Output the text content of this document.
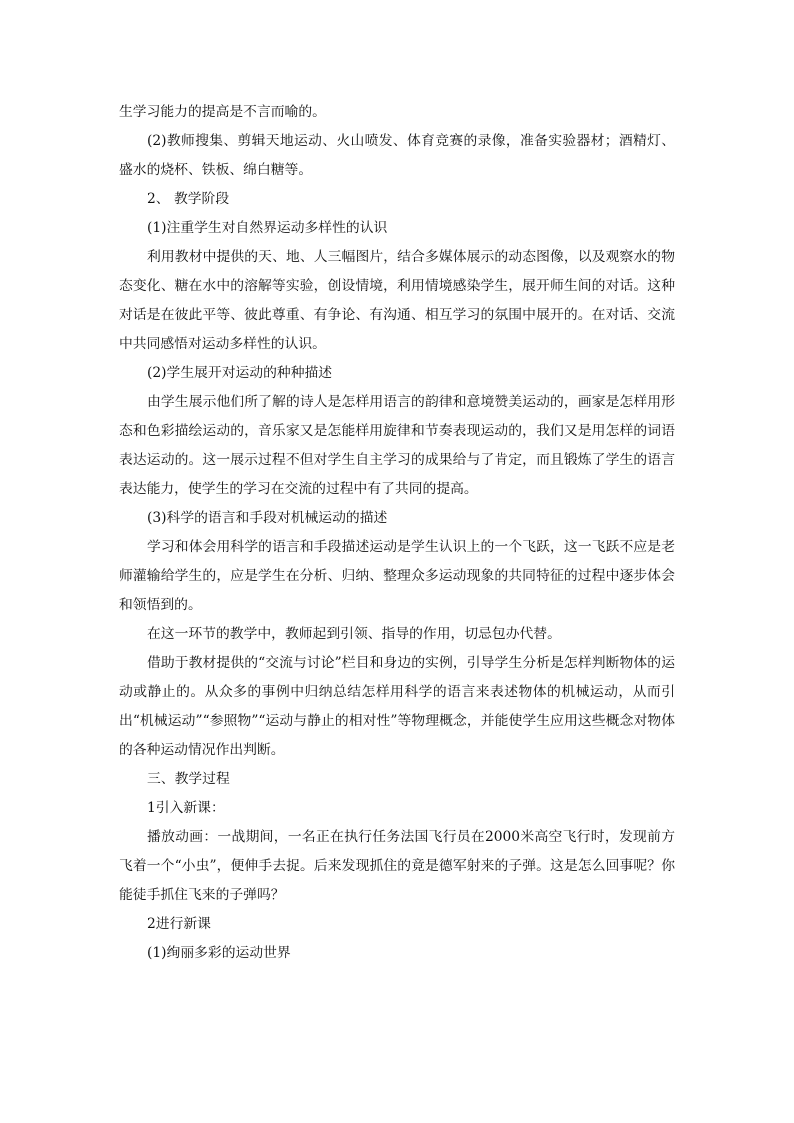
生学习能力的提高是不言而喻的。

(2)教师搜集、剪辑天地运动、火山喷发、体育竞赛的录像，准备实验器材；酒精灯、盛水的烧杯、铁板、绵白糖等。

2、 教学阶段

(1)注重学生对自然界运动多样性的认识

利用教材中提供的天、地、人三幅图片，结合多媒体展示的动态图像，以及观察水的物态变化、糖在水中的溶解等实验，创设情境，利用情境感染学生，展开师生间的对话。这种对话是在彼此平等、彼此尊重、有争论、有沟通、相互学习的氛围中展开的。在对话、交流中共同感悟对运动多样性的认识。

(2)学生展开对运动的种种描述

由学生展示他们所了解的诗人是怎样用语言的韵律和意境赞美运动的，画家是怎样用形态和色彩描绘运动的，音乐家又是怎能样用旋律和节奏表现运动的，我们又是用怎样的词语表达运动的。这一展示过程不但对学生自主学习的成果给与了肯定，而且锻炼了学生的语言表达能力，使学生的学习在交流的过程中有了共同的提高。

(3)科学的语言和手段对机械运动的描述

学习和体会用科学的语言和手段描述运动是学生认识上的一个飞跃，这一飞跃不应是老师灌输给学生的，应是学生在分析、归纳、整理众多运动现象的共同特征的过程中逐步体会和领悟到的。

在这一环节的教学中，教师起到引领、指导的作用，切忌包办代替。

借助于教材提供的“交流与讨论”栏目和身边的实例，引导学生分析是怎样判断物体的运动或静止的。从众多的事例中归纳总结怎样用科学的语言来表述物体的机械运动，从而引出“机械运动”“参照物”“运动与静止的相对性”等物理概念，并能使学生应用这些概念对物体的各种运动情况作出判断。

三、教学过程

1引入新课：

播放动画：一战期间，一名正在执行任务法国飞行员在2000米高空飞行时，发现前方飞着一个“小虫”，便伸手去捉。后来发现抓住的竟是德军射来的子弹。这是怎么回事呢？你能徒手抓住飞来的子弹吗？

2进行新课

(1)绚丽多彩的运动世界
